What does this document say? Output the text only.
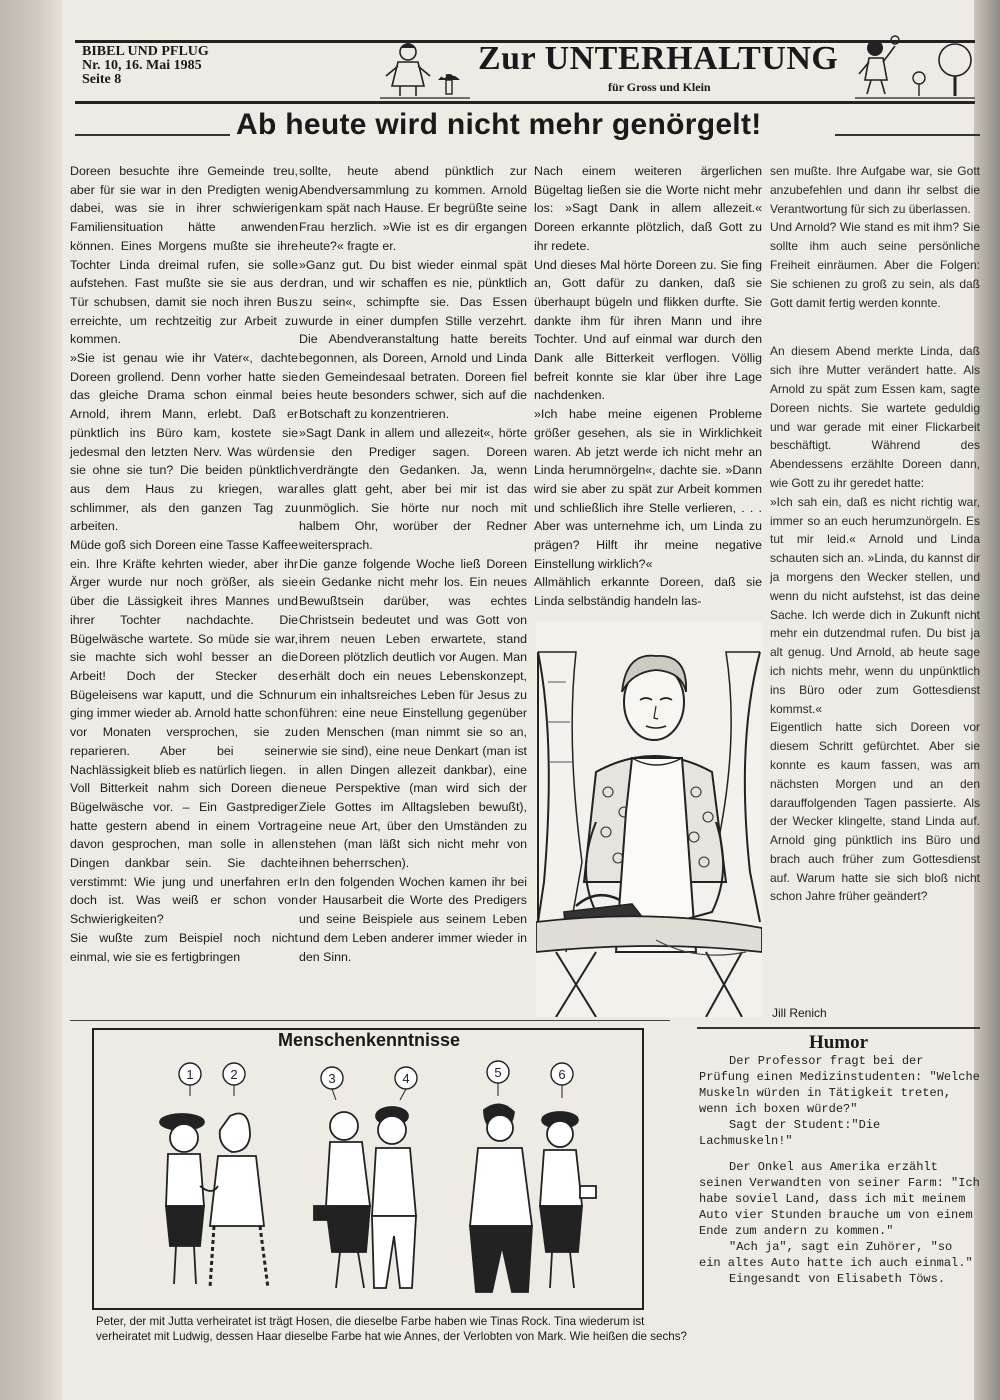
BIBEL UND PFLUG
Nr. 10, 16. Mai 1985
Seite 8
Zur UNTERHALTUNG
für Gross und Klein
Ab heute wird nicht mehr genörgelt!

Doreen besuchte ihre Gemeinde treu, aber für sie war in den Predigten wenig dabei, was sie in ihrer schwierigen Familiensituation hätte anwenden können. Eines Morgens mußte sie ihre Tochter Linda dreimal rufen, sie solle aufstehen. Fast mußte sie sie aus der Tür schubsen, damit sie noch ihren Bus erreichte, um rechtzeitig zur Arbeit zu kommen.

»Sie ist genau wie ihr Vater«, dachte Doreen grollend. Denn vorher hatte sie das gleiche Drama schon einmal bei Arnold, ihrem Mann, erlebt. Daß er pünktlich ins Büro kam, kostete sie jedesmal den letzten Nerv. Was würden sie ohne sie tun? Die beiden pünktlich aus dem Haus zu kriegen, war schlimmer, als den ganzen Tag zu arbeiten.

Müde goß sich Doreen eine Tasse Kaffee ein. Ihre Kräfte kehrten wieder, aber ihr Ärger wurde nur noch größer, als sie über die Lässigkeit ihres Mannes und ihrer Tochter nachdachte. Die Bügelwäsche wartete. So müde sie war, sie machte sich wohl besser an die Arbeit! Doch der Stecker des Bügeleisens war kaputt, und die Schnur ging immer wieder ab. Arnold hatte schon vor Monaten versprochen, sie zu reparieren. Aber bei seiner Nachlässigkeit blieb es natürlich liegen.

Voll Bitterkeit nahm sich Doreen die Bügelwäsche vor. – Ein Gastprediger hatte gestern abend in einem Vortrag davon gesprochen, man solle in allen Dingen dankbar sein. Sie dachte verstimmt: Wie jung und unerfahren er doch ist. Was weiß er schon von Schwierigkeiten?

Sie wußte zum Beispiel noch nicht einmal, wie sie es fertigbringen

sollte, heute abend pünktlich zur Abendversammlung zu kommen. Arnold kam spät nach Hause. Er begrüßte seine Frau herzlich. »Wie ist es dir ergangen heute?« fragte er.

»Ganz gut. Du bist wieder einmal spät dran, und wir schaffen es nie, pünktlich zu sein«, schimpfte sie. Das Essen wurde in einer dumpfen Stille verzehrt. Die Abendveranstaltung hatte bereits begonnen, als Doreen, Arnold und Linda den Gemeindesaal betraten. Doreen fiel es heute besonders schwer, sich auf die Botschaft zu konzentrieren.

»Sagt Dank in allem und allezeit«, hörte sie den Prediger sagen. Doreen verdrängte den Gedanken. Ja, wenn alles glatt geht, aber bei mir ist das unmöglich. Sie hörte nur noch mit halbem Ohr, worüber der Redner weitersprach.

Die ganze folgende Woche ließ Doreen ein Gedanke nicht mehr los. Ein neues Bewußtsein darüber, was echtes Christsein bedeutet und was Gott von ihrem neuen Leben erwartete, stand Doreen plötzlich deutlich vor Augen. Man erhält doch ein neues Lebenskonzept, um ein inhaltsreiches Leben für Jesus zu führen: eine neue Einstellung gegenüber den Menschen (man nimmt sie so an, wie sie sind), eine neue Denkart (man ist in allen Dingen allezeit dankbar), eine neue Perspektive (man wird sich der Ziele Gottes im Alltagsleben bewußt), eine neue Art, über den Umständen zu stehen (man läßt sich nicht mehr von ihnen beherrschen).

In den folgenden Wochen kamen ihr bei der Hausarbeit die Worte des Predigers und seine Beispiele aus seinem Leben und dem Leben anderer immer wieder in den Sinn.

Nach einem weiteren ärgerlichen Bügeltag ließen sie die Worte nicht mehr los: »Sagt Dank in allem allezeit.« Doreen erkannte plötzlich, daß Gott zu ihr redete.

Und dieses Mal hörte Doreen zu. Sie fing an, Gott dafür zu danken, daß sie überhaupt bügeln und flikken durfte. Sie dankte ihm für ihren Mann und ihre Tochter. Und auf einmal war durch den Dank alle Bitterkeit verflogen. Völlig befreit konnte sie klar über ihre Lage nachdenken.

»Ich habe meine eigenen Probleme größer gesehen, als sie in Wirklichkeit waren. Ab jetzt werde ich nicht mehr an Linda herumnörgeln«, dachte sie. »Dann wird sie aber zu spät zur Arbeit kommen und schließlich ihre Stelle verlieren, . . . Aber was unternehme ich, um Linda zu prägen? Hilft ihr meine negative Einstellung wirklich?«

Allmählich erkannte Doreen, daß sie Linda selbständig handeln las-

sen mußte. Ihre Aufgabe war, sie Gott anzubefehlen und dann ihr selbst die Verantwortung für sich zu überlassen.

Und Arnold? Wie stand es mit ihm? Sie sollte ihm auch seine persönliche Freiheit einräumen. Aber die Folgen: Sie schienen zu groß zu sein, als daß Gott damit fertig werden konnte.

An diesem Abend merkte Linda, daß sich ihre Mutter verändert hatte. Als Arnold zu spät zum Essen kam, sagte Doreen nichts. Sie wartete geduldig und war gerade mit einer Flickarbeit beschäftigt. Während des Abendessens erzählte Doreen dann, wie Gott zu ihr geredet hatte:

»Ich sah ein, daß es nicht richtig war, immer so an euch herumzunörgeln. Es tut mir leid.« Arnold und Linda schauten sich an. »Linda, du kannst dir ja morgens den Wecker stellen, und wenn du nicht aufstehst, ist das deine Sache. Ich werde dich in Zukunft nicht mehr ein dutzendmal rufen. Du bist ja alt genug. Und Arnold, ab heute sage ich nichts mehr, wenn du unpünktlich ins Büro oder zum Gottesdienst kommst.«

Eigentlich hatte sich Doreen vor diesem Schritt gefürchtet. Aber sie konnte es kaum fassen, was am nächsten Morgen und an den darauffolgenden Tagen passierte. Als der Wecker klingelte, stand Linda auf. Arnold ging pünktlich ins Büro und brach auch früher zum Gottesdienst auf. Warum hatte sie sich bloß nicht schon Jahre früher geändert?

Jill Renich
Menschenkenntnisse
1	2	3	4	5	6
Peter, der mit Jutta verheiratet ist trägt Hosen, die dieselbe Farbe haben wie Tinas Rock. Tina wiederum ist verheiratet mit Ludwig, dessen Haar dieselbe Farbe hat wie Annes, der Verlobten von Mark. Wie heißen die sechs?
Humor

Der Professor fragt bei der Prüfung einen Medizinstudenten: "Welche Muskeln würden in Tätigkeit treten, wenn ich boxen würde?"

Sagt der Student:"Die Lachmuskeln!"

Der Onkel aus Amerika erzählt seinen Verwandten von seiner Farm: "Ich habe soviel Land, dass ich mit meinem Auto vier Stunden brauche um von einem Ende zum andern zu kommen."

"Ach ja", sagt ein Zuhörer, "so ein altes Auto hatte ich auch einmal."

Eingesandt von Elisabeth Töws.
